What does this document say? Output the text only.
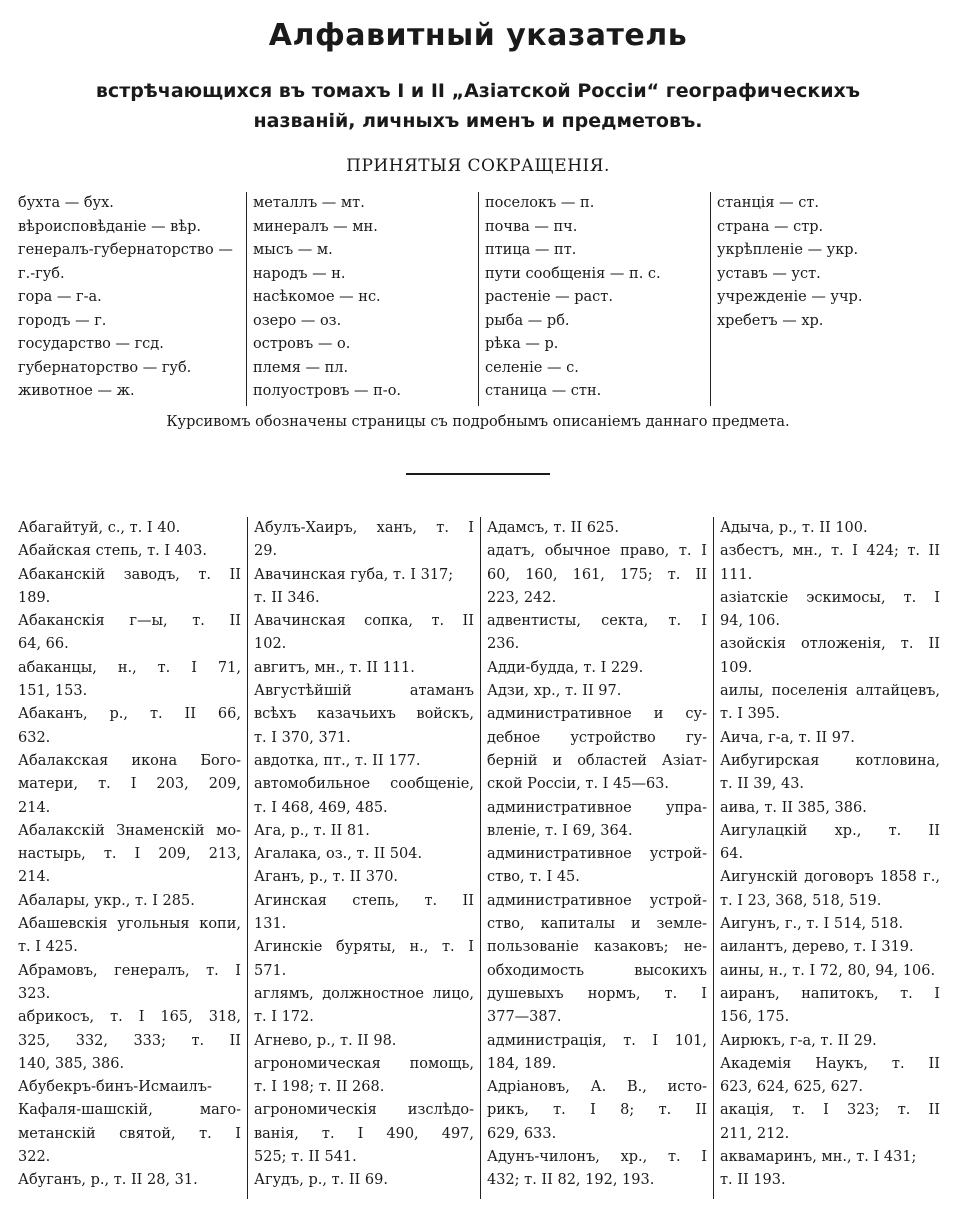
Алфавитный указатель
встрѣчающихся въ томахъ I и II „Азіатской Россіи“ географическихъ
названій, личныхъ именъ и предметовъ.
ПРИНЯТЫЯ СОКРАЩЕНІЯ.
бухта — бух.
вѣроисповѣданіе — вѣр.
генералъ-губернаторство —
г.-губ.
гора — г-а.
городъ — г.
государство — гсд.
губернаторство — губ.
животное — ж.
металлъ — мт.
минералъ — мн.
мысъ — м.
народъ — н.
насѣкомое — нс.
озеро — оз.
островъ — о.
племя — пл.
полуостровъ — п-о.
поселокъ — п.
почва — пч.
птица — пт.
пути сообщенія — п. с.
растеніе — раст.
рыба — рб.
рѣка — р.
селеніе — с.
станица — стн.
станція — ст.
страна — стр.
укрѣпленіе — укр.
уставъ — уст.
учрежденіе — учр.
хребетъ — хр.
Курсивомъ обозначены страницы съ подробнымъ описаніемъ даннаго предмета.
Абагайтуй, с., т. I 40.
Абайская степь, т. I 403.
Абаканскій заводъ, т. II
189.
Абаканскія г—ы, т. II
64, 66.
абаканцы, н., т. I 71,
151, 153.
Абаканъ, р., т. II 66,
632.
Абалакская икона Бого-
матери, т. I 203, 209,
214.
Абалакскій Знаменскій мо-
настырь, т. I 209, 213,
214.
Абалары, укр., т. I 285.
Абашевскія угольныя копи,
т. I 425.
Абрамовъ, генералъ, т. I
323.
абрикосъ, т. I 165, 318,
325, 332, 333; т. II
140, 385, 386.
Абубекръ-бинъ-Исмаилъ-
Кафаля-шашскій, маго-
метанскій святой, т. I
322.
Абуганъ, р., т. II 28, 31.
Абулъ-Хаиръ, ханъ, т. I
29.
Авачинская губа, т. I 317;
т. II 346.
Авачинская сопка, т. II
102.
авгитъ, мн., т. II 111.
Августѣйшій атаманъ
всѣхъ казачьихъ войскъ,
т. I 370, 371.
авдотка, пт., т. II 177.
автомобильное сообщеніе,
т. I 468, 469, 485.
Ага, р., т. II 81.
Агалака, оз., т. II 504.
Аганъ, р., т. II 370.
Агинская степь, т. II
131.
Агинскіе буряты, н., т. I
571.
аглямъ, должностное лицо,
т. I 172.
Агнево, р., т. II 98.
агрономическая помощь,
т. I 198; т. II 268.
агрономическія изслѣдо-
ванія, т. I 490, 497,
525; т. II 541.
Агудъ, р., т. II 69.
Адамсъ, т. II 625.
адатъ, обычное право, т. I
60, 160, 161, 175; т. II
223, 242.
адвентисты, секта, т. I
236.
Адди-будда, т. I 229.
Адзи, хр., т. II 97.
административное и су-
дебное устройство гу-
берній и областей Азіат-
ской Россіи, т. I 45—63.
административное упра-
вленіе, т. I 69, 364.
административное устрой-
ство, т. I 45.
административное устрой-
ство, капиталы и земле-
пользованіе казаковъ; не-
обходимость высокихъ
душевыхъ нормъ, т. I
377—387.
администрація, т. I 101,
184, 189.
Адріановъ, А. В., исто-
рикъ, т. I 8; т. II
629, 633.
Адунъ-чилонъ, хр., т. I
432; т. II 82, 192, 193.
Адыча, р., т. II 100.
азбестъ, мн., т. I 424; т. II
111.
азіатскіе эскимосы, т. I
94, 106.
азойскія отложенія, т. II
109.
аилы, поселенія алтайцевъ,
т. I 395.
Аича, г-а, т. II 97.
Аибугирская котловина,
т. II 39, 43.
аива, т. II 385, 386.
Аигулацкій хр., т. II
64.
Аигунскій договоръ 1858 г.,
т. I 23, 368, 518, 519.
Аигунъ, г., т. I 514, 518.
аилантъ, дерево, т. I 319.
аины, н., т. I 72, 80, 94, 106.
аиранъ, напитокъ, т. I
156, 175.
Аирюкъ, г-а, т. II 29.
Академія Наукъ, т. II
623, 624, 625, 627.
акація, т. I 323; т. II
211, 212.
аквамаринъ, мн., т. I 431;
т. II 193.
